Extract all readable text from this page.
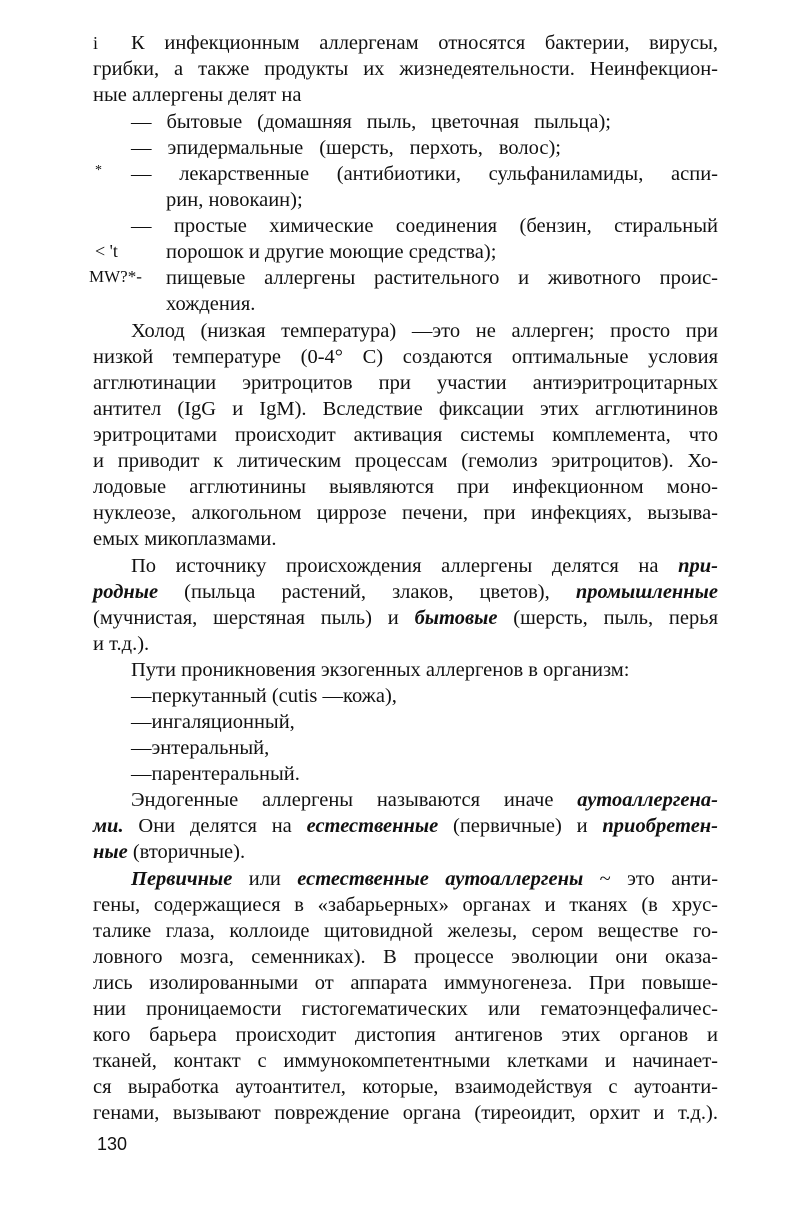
К инфекционным аллергенам относятся бактерии, вирусы,
грибки, а также продукты их жизнедеятельности. Неинфекцион-
ные аллергены делят на
— бытовые (домашняя пыль, цветочная пыльца);
— эпидермальные (шерсть, перхоть, волос);
— лекарственные (антибиотики, сульфаниламиды, аспи-
рин, новокаин);
— простые химические соединения (бензин, стиральный
порошок и другие моющие средства);
пищевые аллергены растительного и животного проис-
хождения.
Холод (низкая температура) —это не аллерген; просто при
низкой температуре (0-4° С) создаются оптимальные условия
агглютинации эритроцитов при участии антиэритроцитарных
антител (IgG и IgM). Вследствие фиксации этих агглютининов
эритроцитами происходит активация системы комплемента, что
и приводит к литическим процессам (гемолиз эритроцитов). Хо-
лодовые агглютинины выявляются при инфекционном моно-
нуклеозе, алкогольном циррозе печени, при инфекциях, вызыва-
емых микоплазмами.
По источнику происхождения аллергены делятся на при-
родные (пыльца растений, злаков, цветов), промышленные
(мучнистая, шерстяная пыль) и бытовые (шерсть, пыль, перья
и т.д.).
Пути проникновения экзогенных аллергенов в организм:
—перкутанный (cutis —кожа),
—ингаляционный,
—энтеральный,
—парентеральный.
Эндогенные аллергены называются иначе аутоаллергена-
ми. Они делятся на естественные (первичные) и приобретен-
ные (вторичные).
Первичные или естественные аутоаллергены ~ это анти-
гены, содержащиеся в «забарьерных» органах и тканях (в хрус-
талике глаза, коллоиде щитовидной железы, сером веществе го-
ловного мозга, семенниках). В процессе эволюции они оказа-
лись изолированными от аппарата иммуногенеза. При повыше-
нии проницаемости гистогематических или гематоэнцефаличес-
кого барьера происходит дистопия антигенов этих органов и
тканей, контакт с иммунокомпетентными клетками и начинает-
ся выработка аутоантител, которые, взаимодействуя с аутоанти-
генами, вызывают повреждение органа (тиреоидит, орхит и т.д.).
i
*
< 't
MW?*-
130
